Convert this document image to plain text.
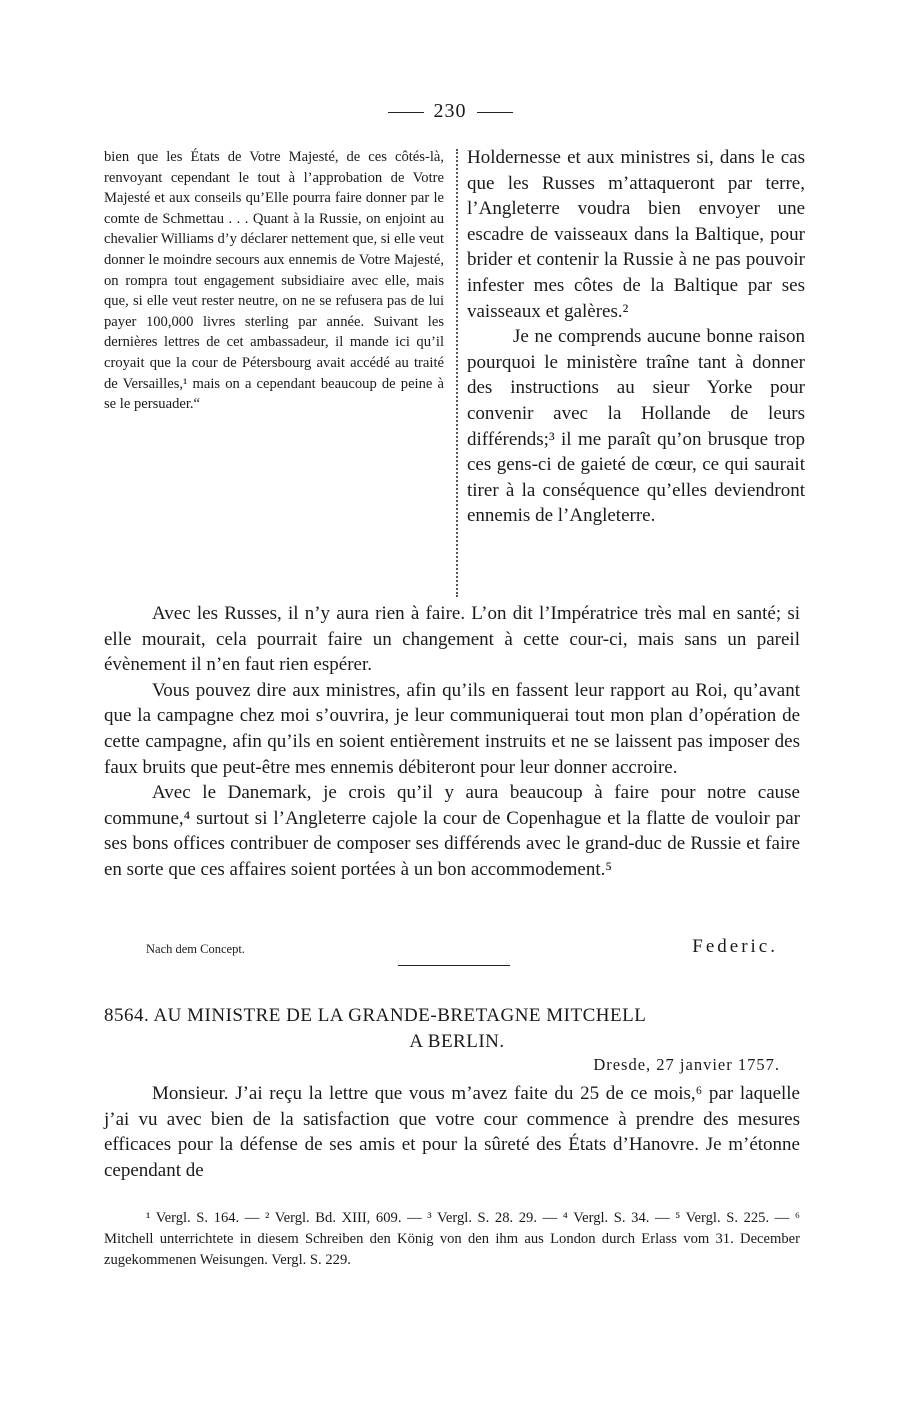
230

bien que les États de Votre Majesté, de ces côtés-là, renvoyant cependant le tout à l’approbation de Votre Majesté et aux conseils qu’Elle pourra faire donner par le comte de Schmettau . . . Quant à la Russie, on enjoint au chevalier Williams d’y déclarer nettement que, si elle veut donner le moindre secours aux ennemis de Votre Majesté, on rompra tout engagement subsidiaire avec elle, mais que, si elle veut rester neutre, on ne se refusera pas de lui payer 100,000 livres sterling par année. Suivant les dernières lettres de cet ambassadeur, il mande ici qu’il croyait que la cour de Pétersbourg avait accédé au traité de Versailles,¹ mais on a cependant beaucoup de peine à se le persuader.“

Holdernesse et aux ministres si, dans le cas que les Russes m’attaqueront par terre, l’Angleterre voudra bien envoyer une escadre de vaisseaux dans la Baltique, pour brider et contenir la Russie à ne pas pouvoir infester mes côtes de la Baltique par ses vaisseaux et galères.²

Je ne comprends aucune bonne raison pourquoi le ministère traîne tant à donner des instructions au sieur Yorke pour convenir avec la Hollande de leurs différends;³ il me paraît qu’on brusque trop ces gens-ci de gaieté de cœur, ce qui saurait tirer à la conséquence qu’elles deviendront ennemis de l’Angleterre.

Avec les Russes, il n’y aura rien à faire. L’on dit l’Impératrice très mal en santé; si elle mourait, cela pourrait faire un changement à cette cour-ci, mais sans un pareil évènement il n’en faut rien espérer.

Vous pouvez dire aux ministres, afin qu’ils en fassent leur rapport au Roi, qu’avant que la campagne chez moi s’ouvrira, je leur communiquerai tout mon plan d’opération de cette campagne, afin qu’ils en soient entièrement instruits et ne se laissent pas imposer des faux bruits que peut-être mes ennemis débiteront pour leur donner accroire.

Avec le Danemark, je crois qu’il y aura beaucoup à faire pour notre cause commune,⁴ surtout si l’Angleterre cajole la cour de Copenhague et la flatte de vouloir par ses bons offices contribuer de composer ses différends avec le grand-duc de Russie et faire en sorte que ces affaires soient portées à un bon accommodement.⁵

Nach dem Concept.	Federic.
8564. AU MINISTRE DE LA GRANDE-BRETAGNE MITCHELL
A BERLIN.
Dresde, 27 janvier 1757.

Monsieur. J’ai reçu la lettre que vous m’avez faite du 25 de ce mois,⁶ par laquelle j’ai vu avec bien de la satisfaction que votre cour commence à prendre des mesures efficaces pour la défense de ses amis et pour la sûreté des États d’Hanovre. Je m’étonne cependant de

¹ Vergl. S. 164. — ² Vergl. Bd. XIII, 609. — ³ Vergl. S. 28. 29. — ⁴ Vergl. S. 34. — ⁵ Vergl. S. 225. — ⁶ Mitchell unterrichtete in diesem Schreiben den König von den ihm aus London durch Erlass vom 31. December zugekommenen Weisungen. Vergl. S. 229.
